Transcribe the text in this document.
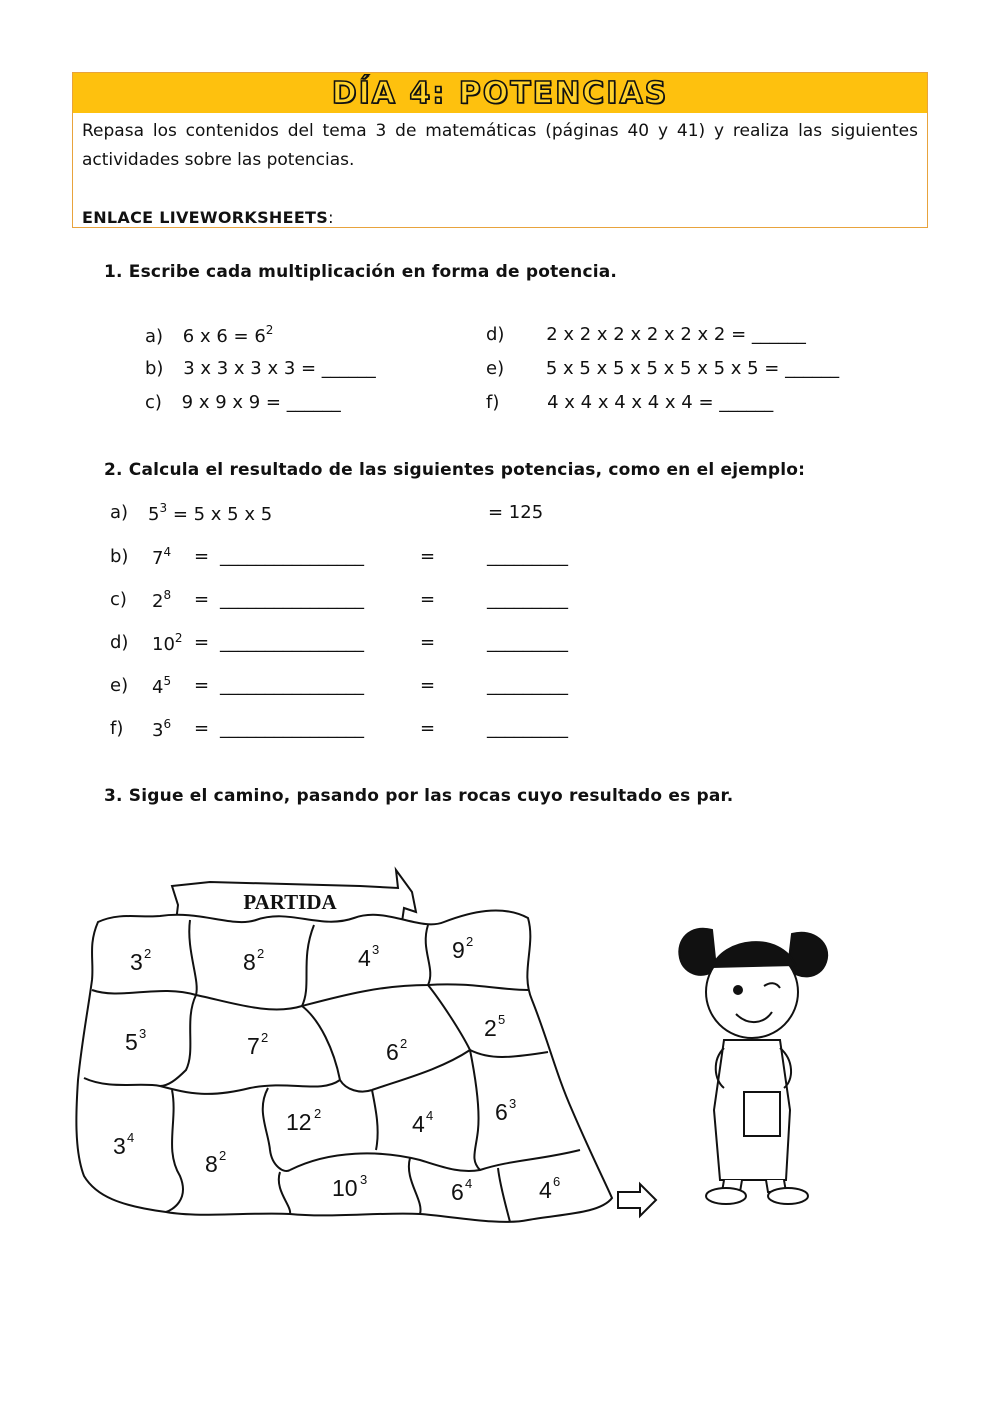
DÍA 4: POTENCIAS
Repasa los contenidos del tema 3 de matemáticas (páginas 40 y 41) y realiza las siguientes actividades sobre las potencias.
ENLACE LIVEWORKSHEETS:
1. Escribe cada multiplicación en forma de potencia.
a) 6 x $6 = 6^2$
b) 3 x 3 x 3 x 3 = ______
c) 9 x 9 x 9 = ______
d) 2 x 2 x 2 x 2 x 2 x 2 = ______
e) 5 x 5 x 5 x 5 x 5 x 5 x 5 = ______
f)	4 x 4 x 4 x 4 x 4 = ______
2. Calcula el resultado de las siguientes potencias, como en el ejemplo:
a) $5^3 = 5$ x 5 x 5	= 125
b) $7^4$ = ________________	=	_________
c) $2^8$ = ________________	=	_________
d) $10^2$ = ________________	=	_________
e) $4^5$ = ________________	=	_________
f) $3^6$ = ________________	=	_________
3. Sigue el camino, pasando por las rocas cuyo resultado es par.
PARTIDA
3 2	8 2	4 3	9 2
5 3	7 2
6 2
2 5
3 4
8 2
12 2	4 4	6 3
10 3	6 4	4 6
